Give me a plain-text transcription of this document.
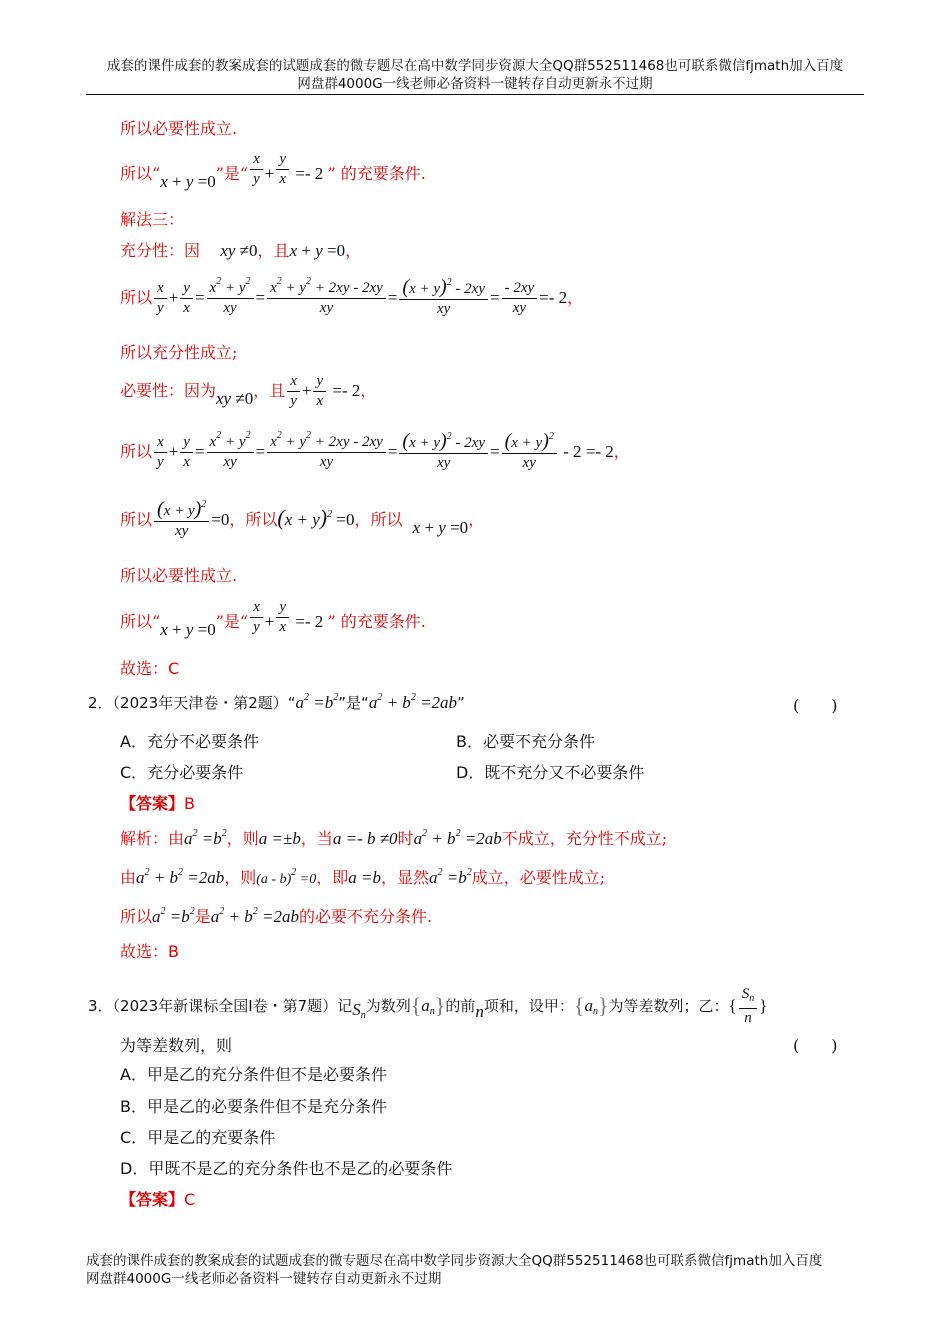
成套的课件成套的教案成套的试题成套的微专题尽在高中数学同步资源大全QQ群552511468也可联系微信fjmath加入百度
网盘群4000G一线老师必备资料一键转存自动更新永不过期
所以必要性成立.
所以“x + y =0”是“ $\frac{x}{y} + \frac{y}{x} =- 2$ ” 的充要条件.
解法三：
充分性：因 xy ≠0，且x + y =0，
所以 $\frac{x}{y} + \frac{y}{x} = \frac{x^2 + y^2}{xy} = \frac{x^2 + y^2 + 2xy - 2xy}{xy} = \frac{(x + y)^2 - 2xy}{xy} = \frac{- 2xy}{xy} =- 2$，
所以充分性成立;
必要性：因为xy ≠0，且 $\frac{x}{y} + \frac{y}{x} =- 2$，
所以 $\frac{x}{y} + \frac{y}{x} = \frac{x^2 + y^2}{xy} = \frac{x^2 + y^2 + 2xy - 2xy}{xy} = \frac{(x + y)^2 - 2xy}{xy} = \frac{(x + y)^2}{xy} - 2 =- 2$，
所以 $\frac{(x + y)^2}{xy} =0$，所以$(x + y)^2 =0$，所以 x + y =0，
所以必要性成立.
所以“x + y =0”是“ $\frac{x}{y} + \frac{y}{x} =- 2$ ” 的充要条件.
故选：C
2．（2023年天津卷・第2题）“$a^2 =b^2$”是“$a^2 + b^2 =2ab$”	(　　)
A．充分不必要条件	B．必要不充分条件
C．充分必要条件	D．既不充分又不必要条件
【答案】B
解析：由$a^2 =b^2$，则a =±b，当a =- b ≠0时$a^2 + b^2 =2ab$不成立，充分性不成立;
由$a^2 + b^2 =2ab$，则(a - b)$^2$ =0，即a =b，显然$a^2 =b^2$成立，必要性成立;
所以$a^2 =b^2$是$a^2 + b^2 =2ab$的必要不充分条件.
故选：B
3．（2023年新课标全国Ⅰ卷・第7题）记$S_n$为数列$\{a_n\}$的前n项和，设甲：$\{a_n\}$为等差数列；乙：{ $\frac{S_n}{n}$ }
为等差数列，则	(　　)
A．甲是乙的充分条件但不是必要条件
B．甲是乙的必要条件但不是充分条件
C．甲是乙的充要条件
D．甲既不是乙的充分条件也不是乙的必要条件
【答案】C
成套的课件成套的教案成套的试题成套的微专题尽在高中数学同步资源大全QQ群552511468也可联系微信fjmath加入百度
网盘群4000G一线老师必备资料一键转存自动更新永不过期
